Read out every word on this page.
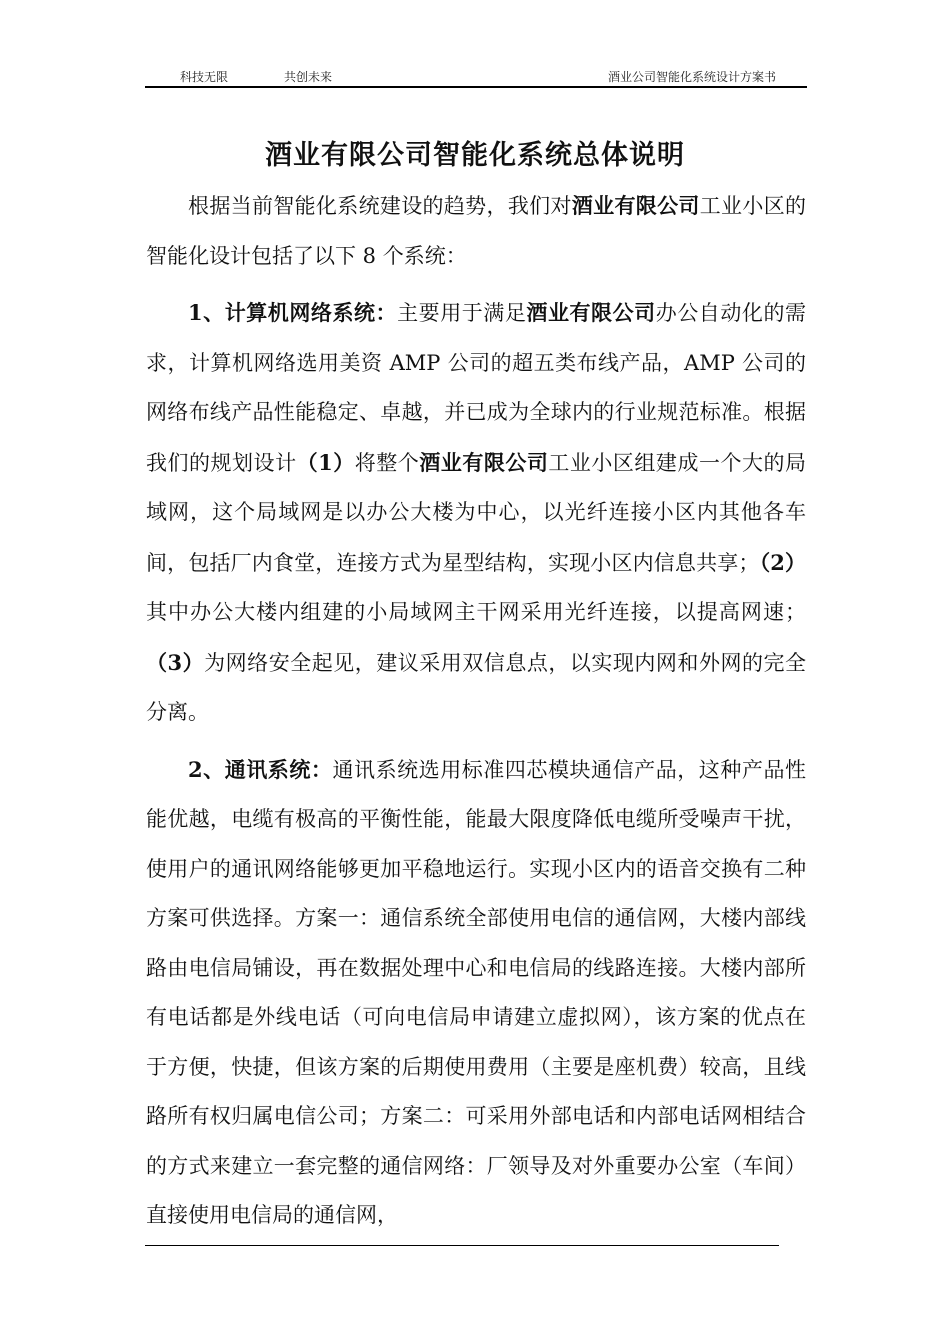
科技无限	共创未来	酒业公司智能化系统设计方案书
酒业有限公司智能化系统总体说明

根据当前智能化系统建设的趋势，我们对酒业有限公司工业小区的智能化设计包括了以下 8 个系统：

1、计算机网络系统：主要用于满足酒业有限公司办公自动化的需求，计算机网络选用美资 AMP 公司的超五类布线产品，AMP 公司的网络布线产品性能稳定、卓越，并已成为全球内的行业规范标准。根据我们的规划设计（1）将整个酒业有限公司工业小区组建成一个大的局域网，这个局域网是以办公大楼为中心，以光纤连接小区内其他各车间，包括厂内食堂，连接方式为星型结构，实现小区内信息共享；（2）其中办公大楼内组建的小局域网主干网采用光纤连接，以提高网速；（3）为网络安全起见，建议采用双信息点，以实现内网和外网的完全分离。

2、通讯系统：通讯系统选用标准四芯模块通信产品，这种产品性能优越，电缆有极高的平衡性能，能最大限度降低电缆所受噪声干扰，使用户的通讯网络能够更加平稳地运行。实现小区内的语音交换有二种方案可供选择。方案一：通信系统全部使用电信的通信网，大楼内部线路由电信局铺设，再在数据处理中心和电信局的线路连接。大楼内部所有电话都是外线电话（可向电信局申请建立虚拟网），该方案的优点在于方便，快捷，但该方案的后期使用费用（主要是座机费）较高，且线路所有权归属电信公司；方案二：可采用外部电话和内部电话网相结合的方式来建立一套完整的通信网络：厂领导及对外重要办公室（车间）直接使用电信局的通信网，
